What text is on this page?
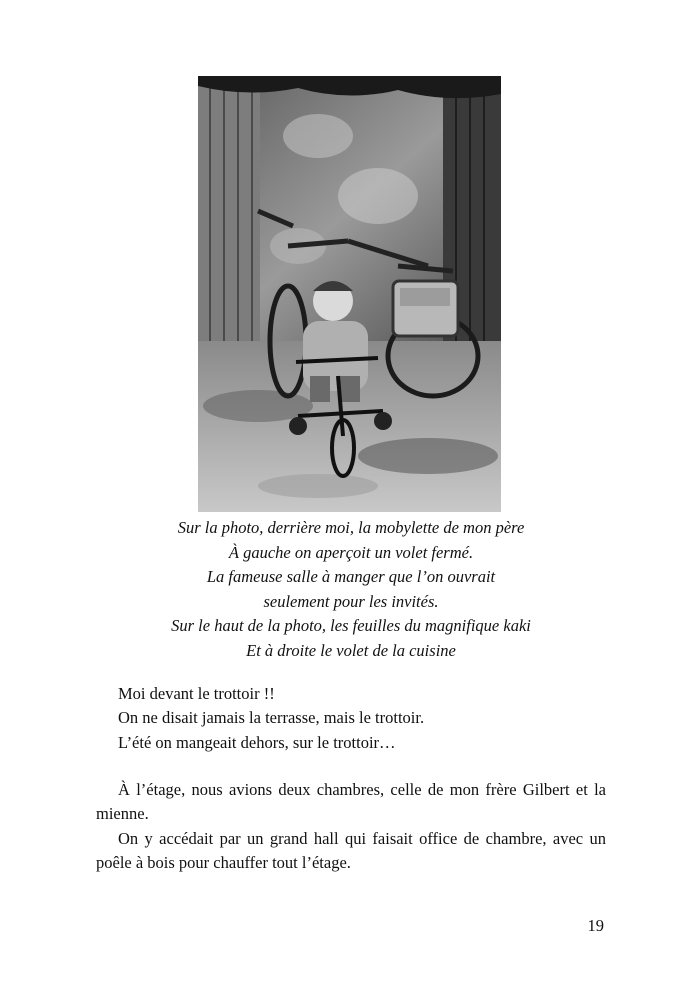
Sur la photo, derrière moi, la mobylette de mon père
À gauche on aperçoit un volet fermé.
La fameuse salle à manger que l’on ouvrait
seulement pour les invités.
Sur le haut de la photo, les feuilles du magnifique kaki
Et à droite le volet de la cuisine

Moi devant le trottoir !!

On ne disait jamais la terrasse, mais le trottoir.

L’été on mangeait dehors, sur le trottoir…

À l’étage, nous avions deux chambres, celle de mon frère Gilbert et la mienne.

On y accédait par un grand hall qui faisait office de chambre, avec un poêle à bois pour chauffer tout l’étage.

19
